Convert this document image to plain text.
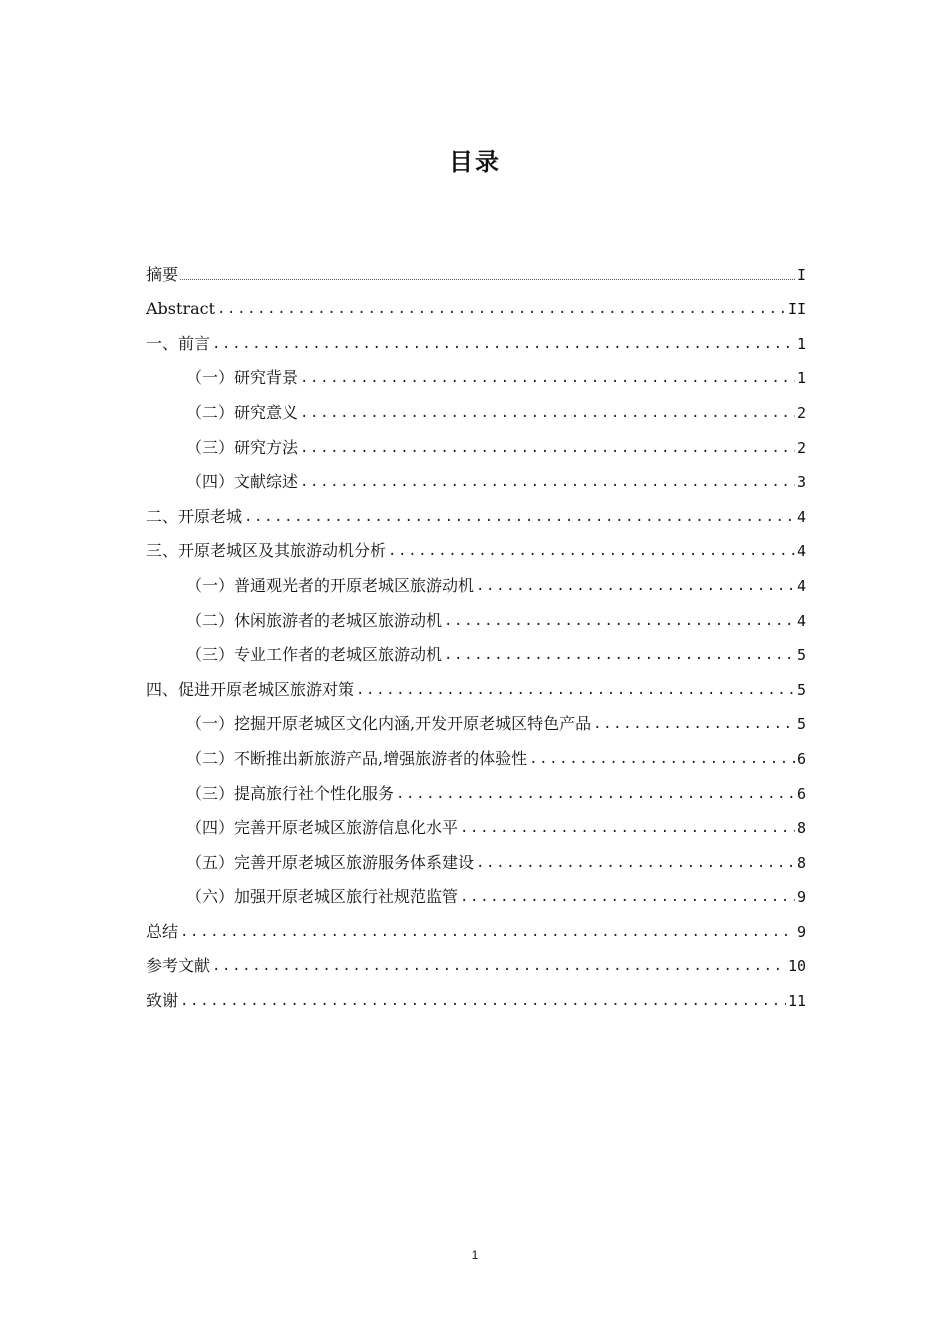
目录
摘要	I
Abstract .....	II
一、前言 .....	1
（一）研究背景 .....	1
（二）研究意义 .....	2
（三）研究方法 .....	2
（四）文献综述 .....	3
二、开原老城 .....	4
三、开原老城区及其旅游动机分析 .....	4
（一）普通观光者的开原老城区旅游动机 .....	4
（二）休闲旅游者的老城区旅游动机 .....	4
（三）专业工作者的老城区旅游动机 .....	5
四、促进开原老城区旅游对策 .....	5
（一）挖掘开原老城区文化内涵,开发开原老城区特色产品 .....	5
（二）不断推出新旅游产品,增强旅游者的体验性 .....	6
（三）提高旅行社个性化服务 .....	6
（四）完善开原老城区旅游信息化水平 .....	8
（五）完善开原老城区旅游服务体系建设 .....	8
（六）加强开原老城区旅行社规范监管 .....	9
总结 .....	9
参考文献 .....	10
致谢 .....	11
1
